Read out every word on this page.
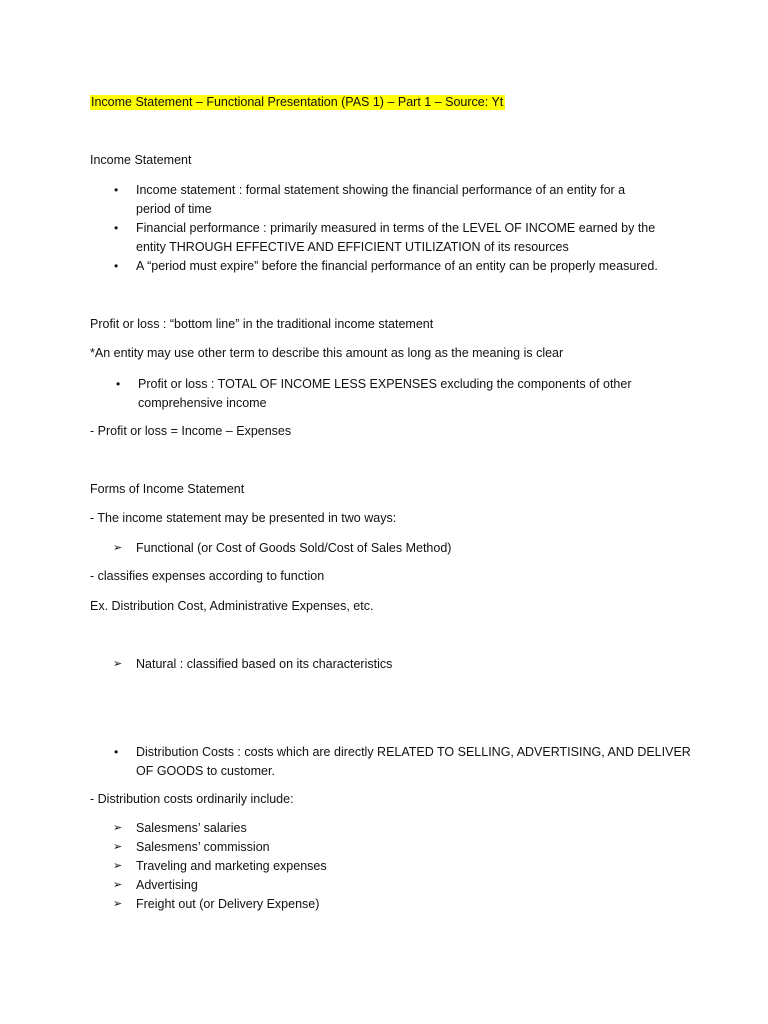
Income Statement – Functional Presentation (PAS 1) – Part 1 – Source: Yt
Income Statement
• Income statement : formal statement showing the financial performance of an entity for a
period of time
• Financial performance : primarily measured in terms of the LEVEL OF INCOME earned by the
entity THROUGH EFFECTIVE AND EFFICIENT UTILIZATION of its resources
• A “period must expire” before the financial performance of an entity can be properly measured.
Profit or loss : “bottom line” in the traditional income statement
*An entity may use other term to describe this amount as long as the meaning is clear
• Profit or loss : TOTAL OF INCOME LESS EXPENSES excluding the components of other
comprehensive income
- Profit or loss = Income – Expenses
Forms of Income Statement
- The income statement may be presented in two ways:
➢ Functional (or Cost of Goods Sold/Cost of Sales Method)
- classifies expenses according to function
Ex. Distribution Cost, Administrative Expenses, etc.
➢ Natural : classified based on its characteristics
• Distribution Costs : costs which are directly RELATED TO SELLING, ADVERTISING, AND DELIVER
OF GOODS to customer.
- Distribution costs ordinarily include:
➢ Salesmens’ salaries
➢ Salesmens’ commission
➢ Traveling and marketing expenses
➢ Advertising
➢ Freight out (or Delivery Expense)
